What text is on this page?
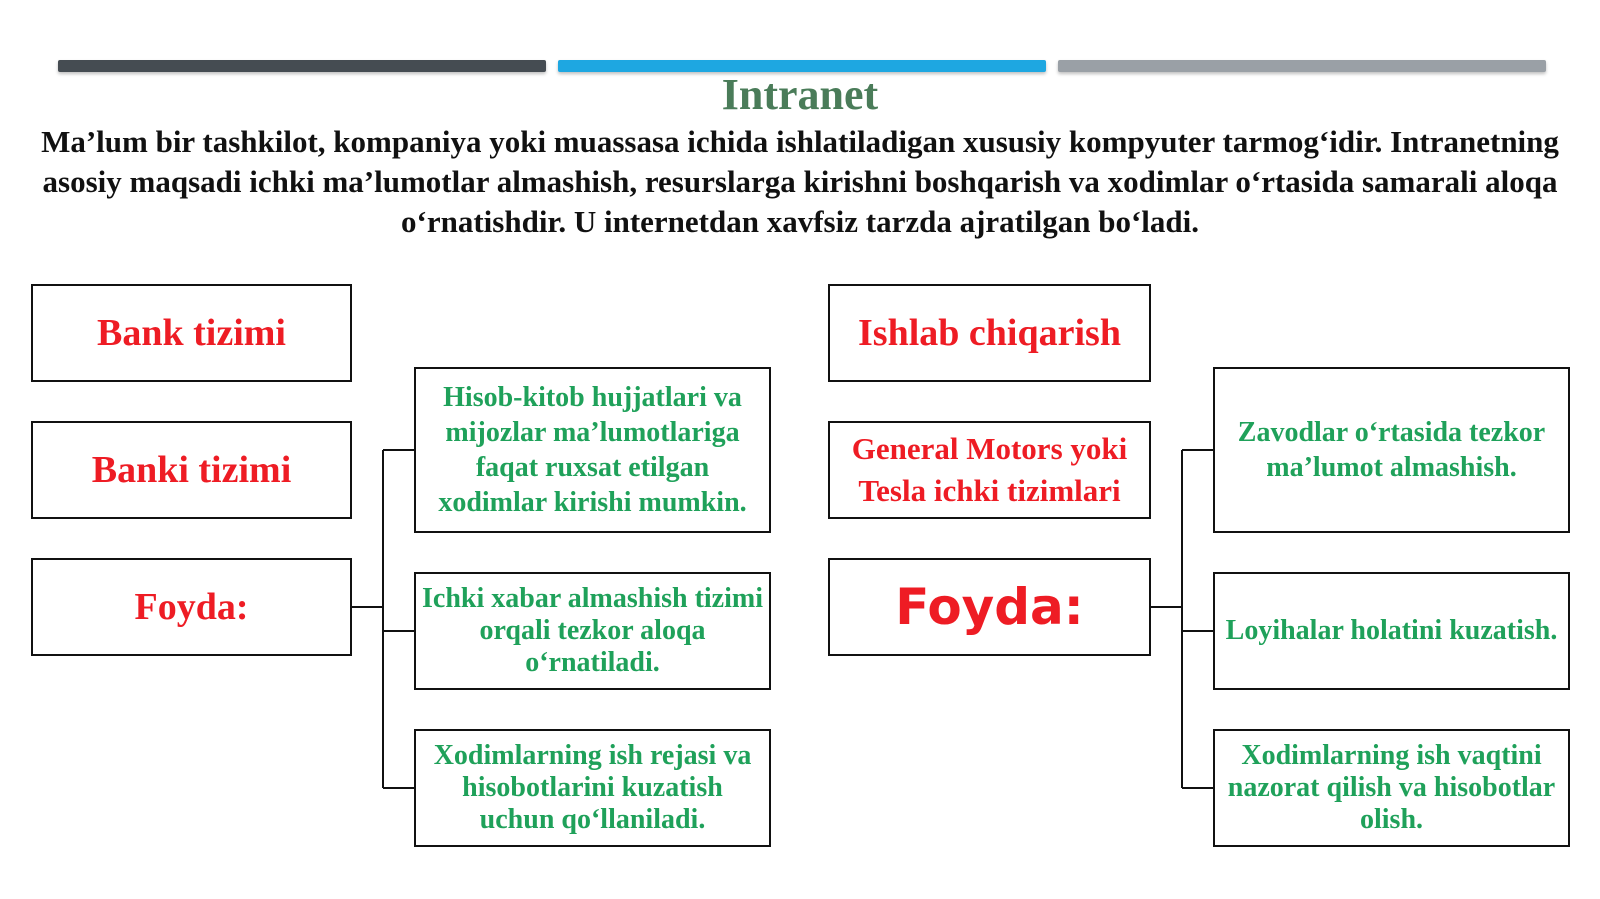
Intranet
Ma’lum bir tashkilot, kompaniya yoki muassasa ichida ishlatiladigan xususiy kompyuter tarmog‘idir. Intranetning asosiy maqsadi ichki ma’lumotlar almashish, resurslarga kirishni boshqarish va xodimlar o‘rtasida samarali aloqa o‘rnatishdir. U internetdan xavfsiz tarzda ajratilgan bo‘ladi.
Bank tizimi
Banki tizimi
Foyda:
Hisob-kitob hujjatlari va mijozlar ma’lumotlariga faqat ruxsat etilgan xodimlar kirishi mumkin.
Ichki xabar almashish tizimi orqali tezkor aloqa o‘rnatiladi.
Xodimlarning ish rejasi va hisobotlarini kuzatish uchun qo‘llaniladi.
Ishlab chiqarish
General Motors yoki Tesla ichki tizimlari
Foyda:
Zavodlar o‘rtasida tezkor ma’lumot almashish.
Loyihalar holatini kuzatish.
Xodimlarning ish vaqtini nazorat qilish va hisobotlar olish.
